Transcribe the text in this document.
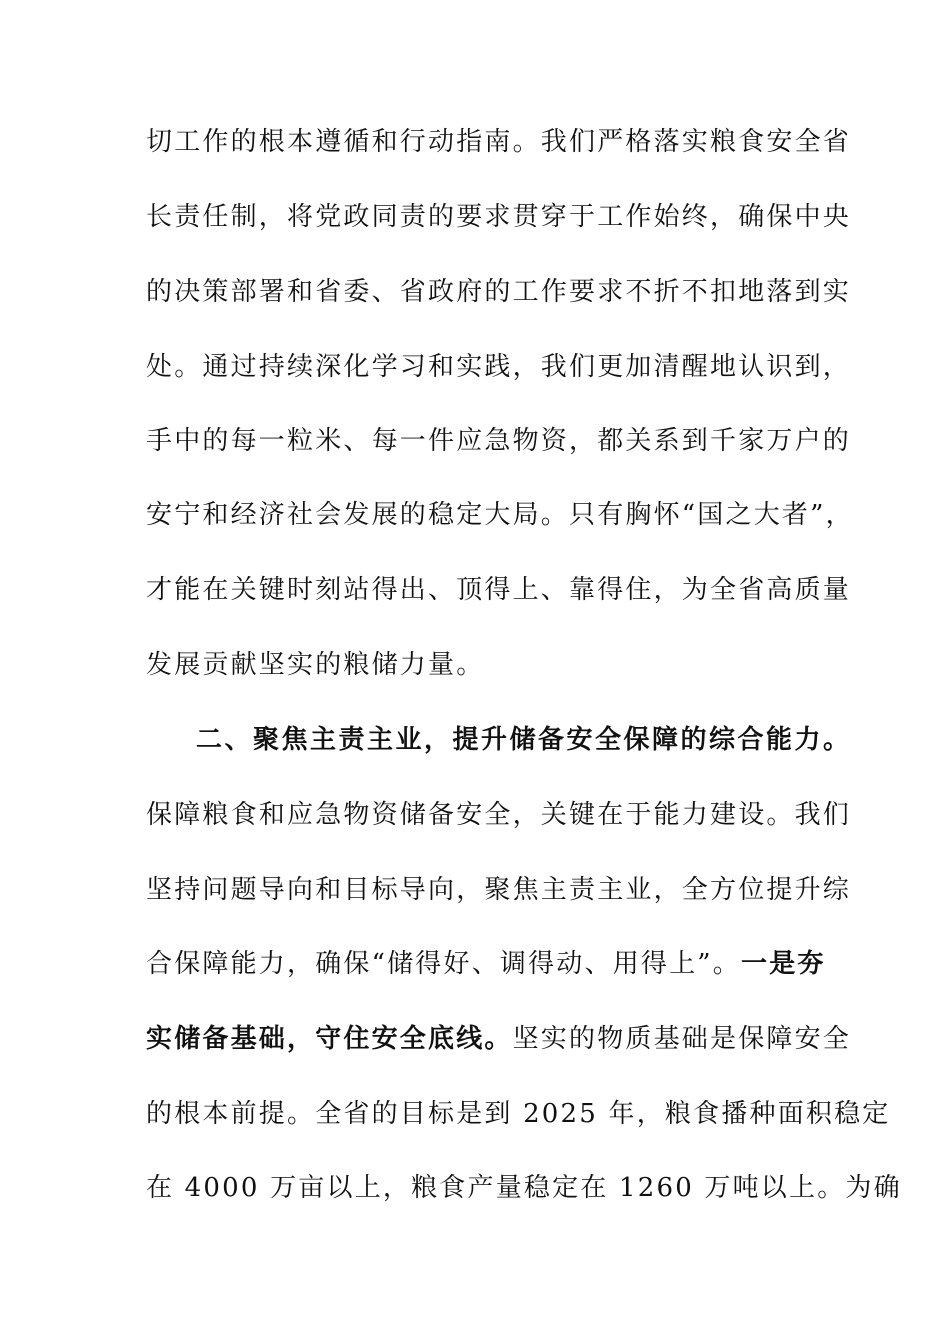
切工作的根本遵循和行动指南。我们严格落实粮食安全省
长责任制，将党政同责的要求贯穿于工作始终，确保中央
的决策部署和省委、省政府的工作要求不折不扣地落到实
处。通过持续深化学习和实践，我们更加清醒地认识到，
手中的每一粒米、每一件应急物资，都关系到千家万户的
安宁和经济社会发展的稳定大局。只有胸怀“国之大者”，
才能在关键时刻站得出、顶得上、靠得住，为全省高质量
发展贡献坚实的粮储力量。
二、聚焦主责主业，提升储备安全保障的综合能力。
保障粮食和应急物资储备安全，关键在于能力建设。我们
坚持问题导向和目标导向，聚焦主责主业，全方位提升综
合保障能力，确保“储得好、调得动、用得上”。一是夯
实储备基础，守住安全底线。坚实的物质基础是保障安全
的根本前提。全省的目标是到 2025 年，粮食播种面积稳定
在 4000 万亩以上，粮食产量稳定在 1260 万吨以上。为确
